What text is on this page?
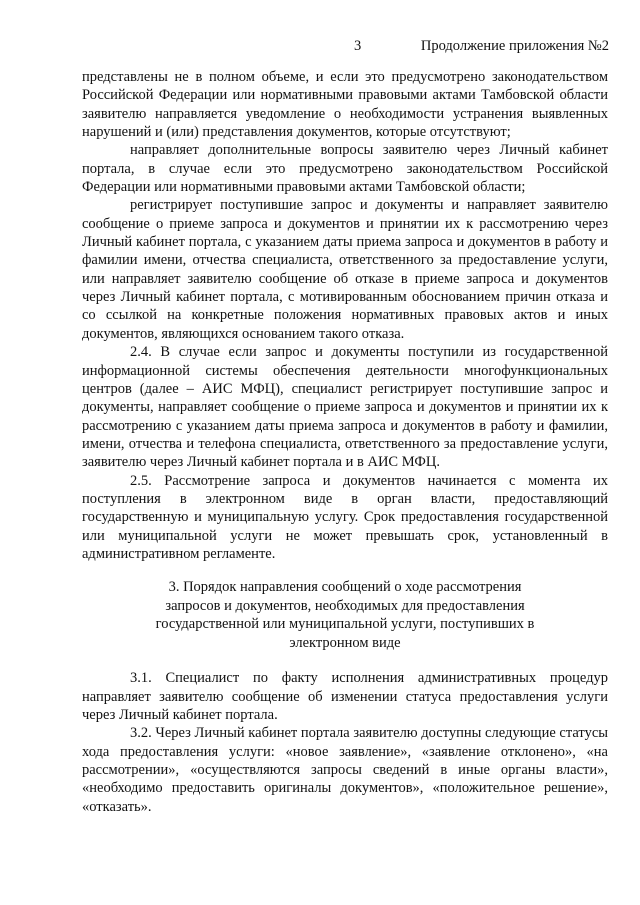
3	Продолжение приложения №2

представлены не в полном объеме, и если это предусмотрено законодательством Российской Федерации или нормативными правовыми актами Тамбовской области заявителю направляется уведомление о необходимости устранения выявленных нарушений и (или) представления документов, которые отсутствуют;

направляет дополнительные вопросы заявителю через Личный кабинет портала, в случае если это предусмотрено законодательством Российской Федерации или нормативными правовыми актами Тамбовской области;

регистрирует поступившие запрос и документы и направляет заявителю сообщение о приеме запроса и документов и принятии их к рассмотрению через Личный кабинет портала, с указанием даты приема запроса и документов в работу и фамилии имени, отчества специалиста, ответственного за предоставление услуги, или направляет заявителю сообщение об отказе в приеме запроса и документов через Личный кабинет портала, с мотивированным обоснованием причин отказа и со ссылкой на конкретные положения нормативных правовых актов и иных документов, являющихся основанием такого отказа.

2.4. В случае если запрос и документы поступили из государственной информационной системы обеспечения деятельности многофункциональных центров (далее – АИС МФЦ), специалист регистрирует поступившие запрос и документы, направляет сообщение о приеме запроса и документов и принятии их к рассмотрению с указанием даты приема запроса и документов в работу и фамилии, имени, отчества и телефона специалиста, ответственного за предоставление услуги, заявителю через Личный кабинет портала и в АИС МФЦ.

2.5. Рассмотрение запроса и документов начинается с момента их поступления в электронном виде в орган власти, предоставляющий государственную и муниципальную услугу. Срок предоставления государственной или муниципальной услуги не может превышать срок, установленный в административном регламенте.

3. Порядок направления сообщений о ходе рассмотрения
запросов и документов, необходимых для предоставления
государственной или муниципальной услуги, поступивших в
электронном виде

3.1. Специалист по факту исполнения административных процедур направляет заявителю сообщение об изменении статуса предоставления услуги через Личный кабинет портала.

3.2. Через Личный кабинет портала заявителю доступны следующие статусы хода предоставления услуги: «новое заявление», «заявление отклонено», «на рассмотрении», «осуществляются запросы сведений в иные органы власти», «необходимо предоставить оригиналы документов», «положительное решение», «отказать».
